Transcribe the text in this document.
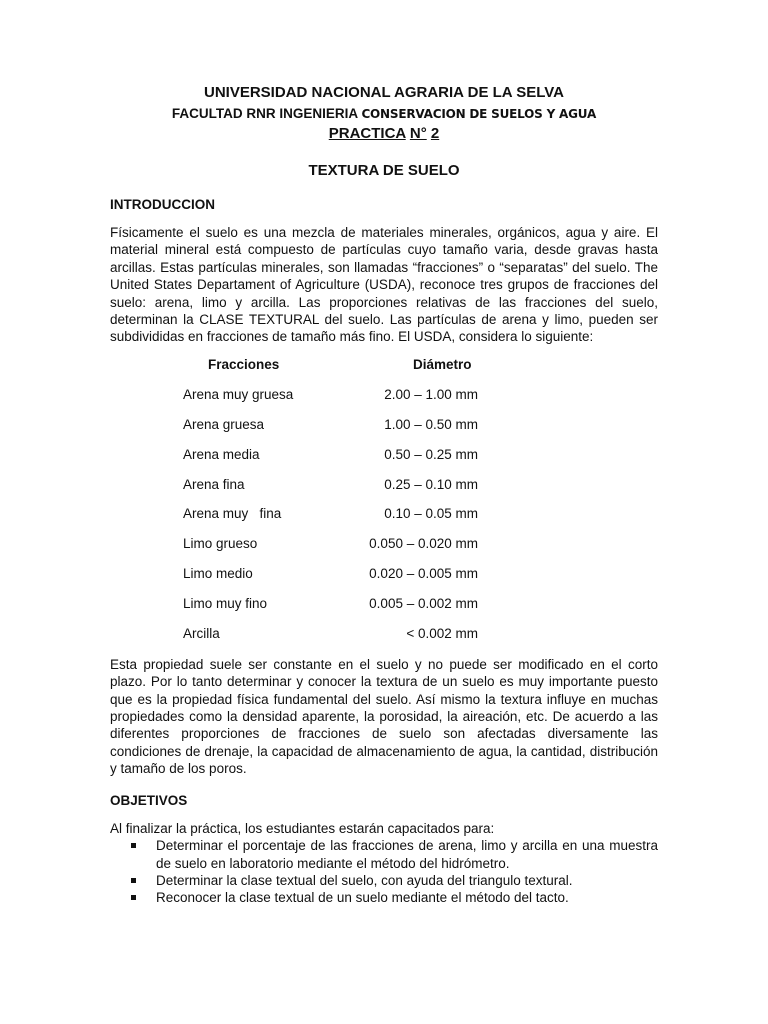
UNIVERSIDAD NACIONAL AGRARIA DE LA SELVA
FACULTAD RNR INGENIERIA CONSERVACION DE SUELOS Y AGUA
PRACTICA N° 2
TEXTURA DE SUELO
INTRODUCCION
Físicamente el suelo es una mezcla de materiales minerales, orgánicos, agua y aire. El material mineral está compuesto de partículas cuyo tamaño varia, desde gravas hasta arcillas. Estas partículas minerales, son llamadas “fracciones” o “separatas” del suelo. The United States Departament of Agriculture (USDA), reconoce tres grupos de fracciones del suelo: arena, limo y arcilla. Las proporciones relativas de las fracciones del suelo, determinan la CLASE TEXTURAL del suelo. Las partículas de arena y limo, pueden ser subdivididas en fracciones de tamaño más fino. El USDA, considera lo siguiente:
Fracciones	Diámetro
Arena muy gruesa	2.00 – 1.00 mm
Arena gruesa	1.00 – 0.50 mm
Arena media	0.50 – 0.25 mm
Arena fina	0.25 – 0.10 mm
Arena muy   fina	0.10 – 0.05 mm
Limo grueso	0.050 – 0.020 mm
Limo medio	0.020 – 0.005 mm
Limo muy fino	0.005 – 0.002 mm
Arcilla	< 0.002 mm
Esta propiedad suele ser constante en el suelo y no puede ser modificado en el corto plazo. Por lo tanto determinar y conocer la textura de un suelo es muy importante puesto que es la propiedad física fundamental del suelo. Así mismo la textura influye en muchas propiedades como la densidad aparente, la porosidad, la aireación, etc. De acuerdo a las diferentes proporciones de fracciones de suelo son afectadas diversamente las condiciones de drenaje, la capacidad de almacenamiento de agua, la cantidad, distribución y tamaño de los poros.
OBJETIVOS
Al finalizar la práctica, los estudiantes estarán capacitados para:
Determinar el porcentaje de las fracciones de arena, limo y arcilla en una muestra de suelo en laboratorio mediante el método del hidrómetro.
Determinar la clase textual del suelo, con ayuda del triangulo textural.
Reconocer la clase textual de un suelo mediante el método del tacto.
